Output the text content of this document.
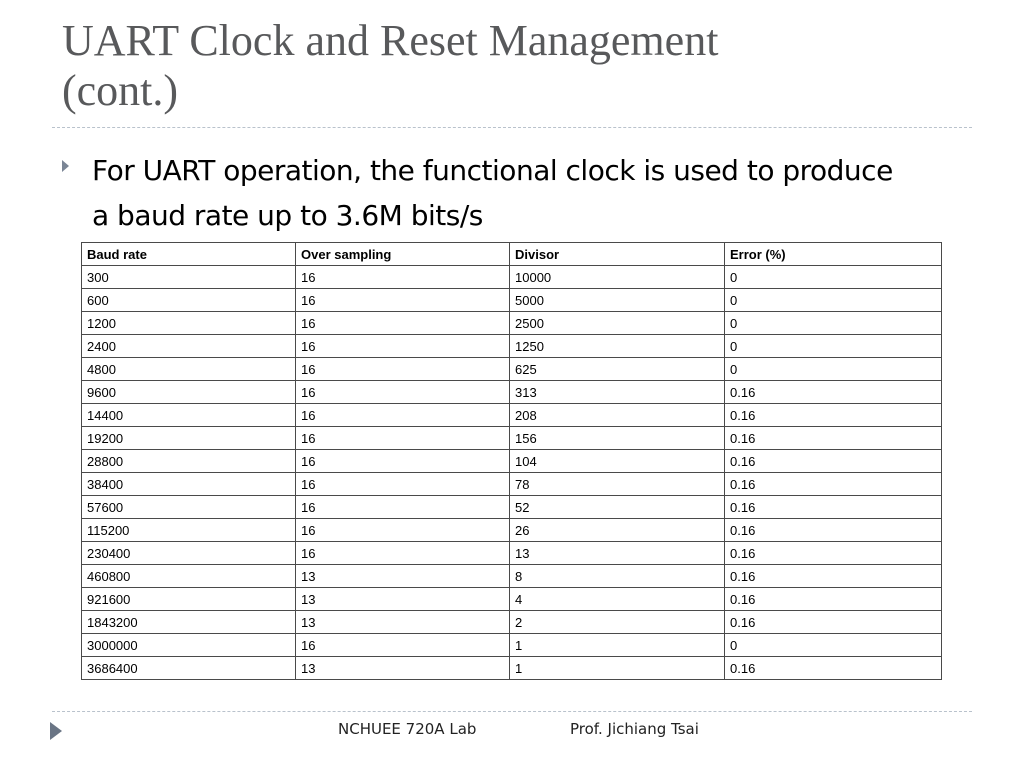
UART Clock and Reset Management
(cont.)

For UART operation, the functional clock is used to produce a baud rate up to 3.6M bits/s

Baud rate	Over sampling	Divisor	Error (%)
300	16	10000	0
600	16	5000	0
1200	16	2500	0
2400	16	1250	0
4800	16	625	0
9600	16	313	0.16
14400	16	208	0.16
19200	16	156	0.16
28800	16	104	0.16
38400	16	78	0.16
57600	16	52	0.16
115200	16	26	0.16
230400	16	13	0.16
460800	13	8	0.16
921600	13	4	0.16
1843200	13	2	0.16
3000000	16	1	0
3686400	13	1	0.16
NCHUEE 720A Lab	Prof. Jichiang Tsai
